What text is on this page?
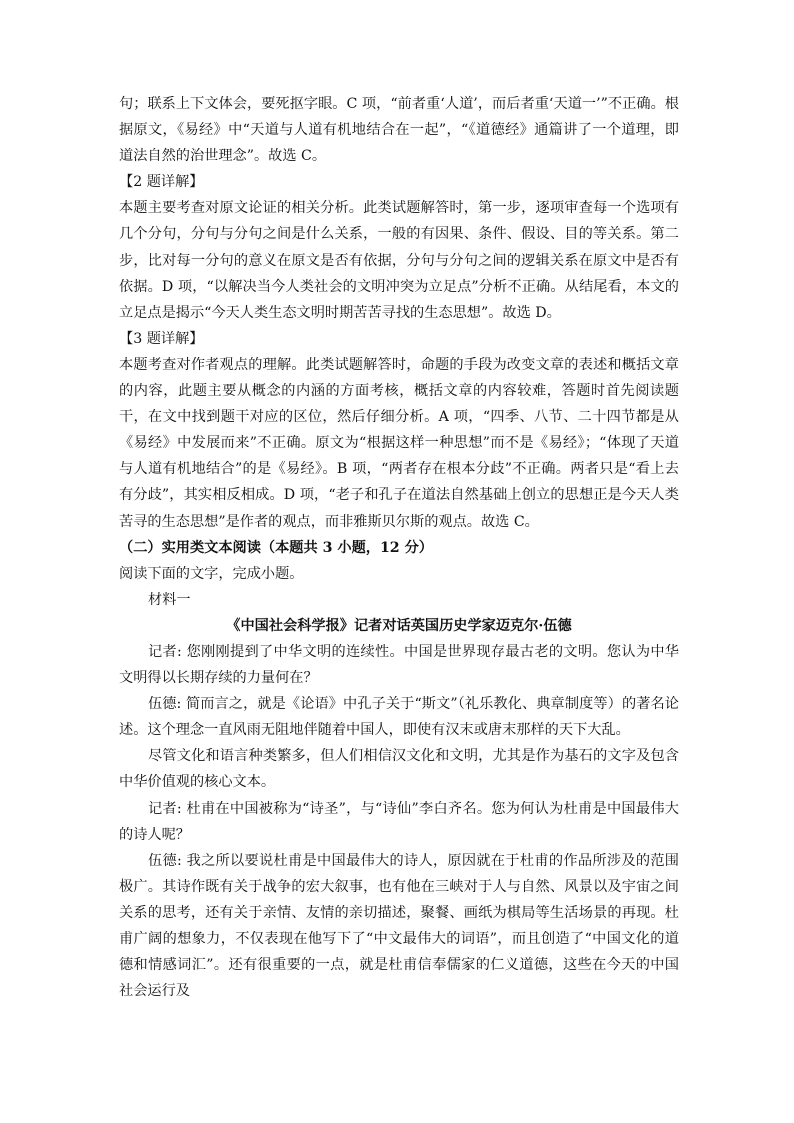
句；联系上下文体会，要死抠字眼。C 项，“前者重‘人道’，而后者重‘天道一’”不正确。根据原文，《易经》中“天道与人道有机地结合在一起”，“《道德经》通篇讲了一个道理，即道法自然的治世理念”。故选 C。

【2 题详解】

本题主要考查对原文论证的相关分析。此类试题解答时，第一步，逐项审查每一个选项有几个分句，分句与分句之间是什么关系，一般的有因果、条件、假设、目的等关系。第二步，比对每一分句的意义在原文是否有依据，分句与分句之间的逻辑关系在原文中是否有依据。D 项，“以解决当今人类社会的文明冲突为立足点”分析不正确。从结尾看，本文的立足点是揭示“今天人类生态文明时期苦苦寻找的生态思想”。故选 D。

【3 题详解】

本题考查对作者观点的理解。此类试题解答时，命题的手段为改变文章的表述和概括文章的内容，此题主要从概念的内涵的方面考核，概括文章的内容较难，答题时首先阅读题干，在文中找到题干对应的区位，然后仔细分析。A 项，“四季、八节、二十四节都是从《易经》中发展而来”不正确。原文为“根据这样一种思想”而不是《易经》；“体现了天道与人道有机地结合”的是《易经》。B 项，“两者存在根本分歧”不正确。两者只是“看上去有分歧”，其实相反相成。D 项，“老子和孔子在道法自然基础上创立的思想正是今天人类苦寻的生态思想”是作者的观点，而非雅斯贝尔斯的观点。故选 C。

（二）实用类文本阅读（本题共 3 小题，12 分）

阅读下面的文字，完成小题。

材料一

《中国社会科学报》记者对话英国历史学家迈克尔·伍德

记者: 您刚刚提到了中华文明的连续性。中国是世界现存最古老的文明。您认为中华文明得以长期存续的力量何在？

伍德: 简而言之，就是《论语》中孔子关于“斯文”（礼乐教化、典章制度等）的著名论述。这个理念一直风雨无阻地伴随着中国人，即使有汉末或唐末那样的天下大乱。

尽管文化和语言种类繁多，但人们相信汉文化和文明，尤其是作为基石的文字及包含中华价值观的核心文本。

记者: 杜甫在中国被称为“诗圣”，与“诗仙”李白齐名。您为何认为杜甫是中国最伟大的诗人呢？

伍德: 我之所以要说杜甫是中国最伟大的诗人，原因就在于杜甫的作品所涉及的范围极广。其诗作既有关于战争的宏大叙事，也有他在三峡对于人与自然、风景以及宇宙之间关系的思考，还有关于亲情、友情的亲切描述，聚餐、画纸为棋局等生活场景的再现。杜甫广阔的想象力，不仅表现在他写下了“中文最伟大的词语”，而且创造了“中国文化的道德和情感词汇”。还有很重要的一点，就是杜甫信奉儒家的仁义道德，这些在今天的中国社会运行及
